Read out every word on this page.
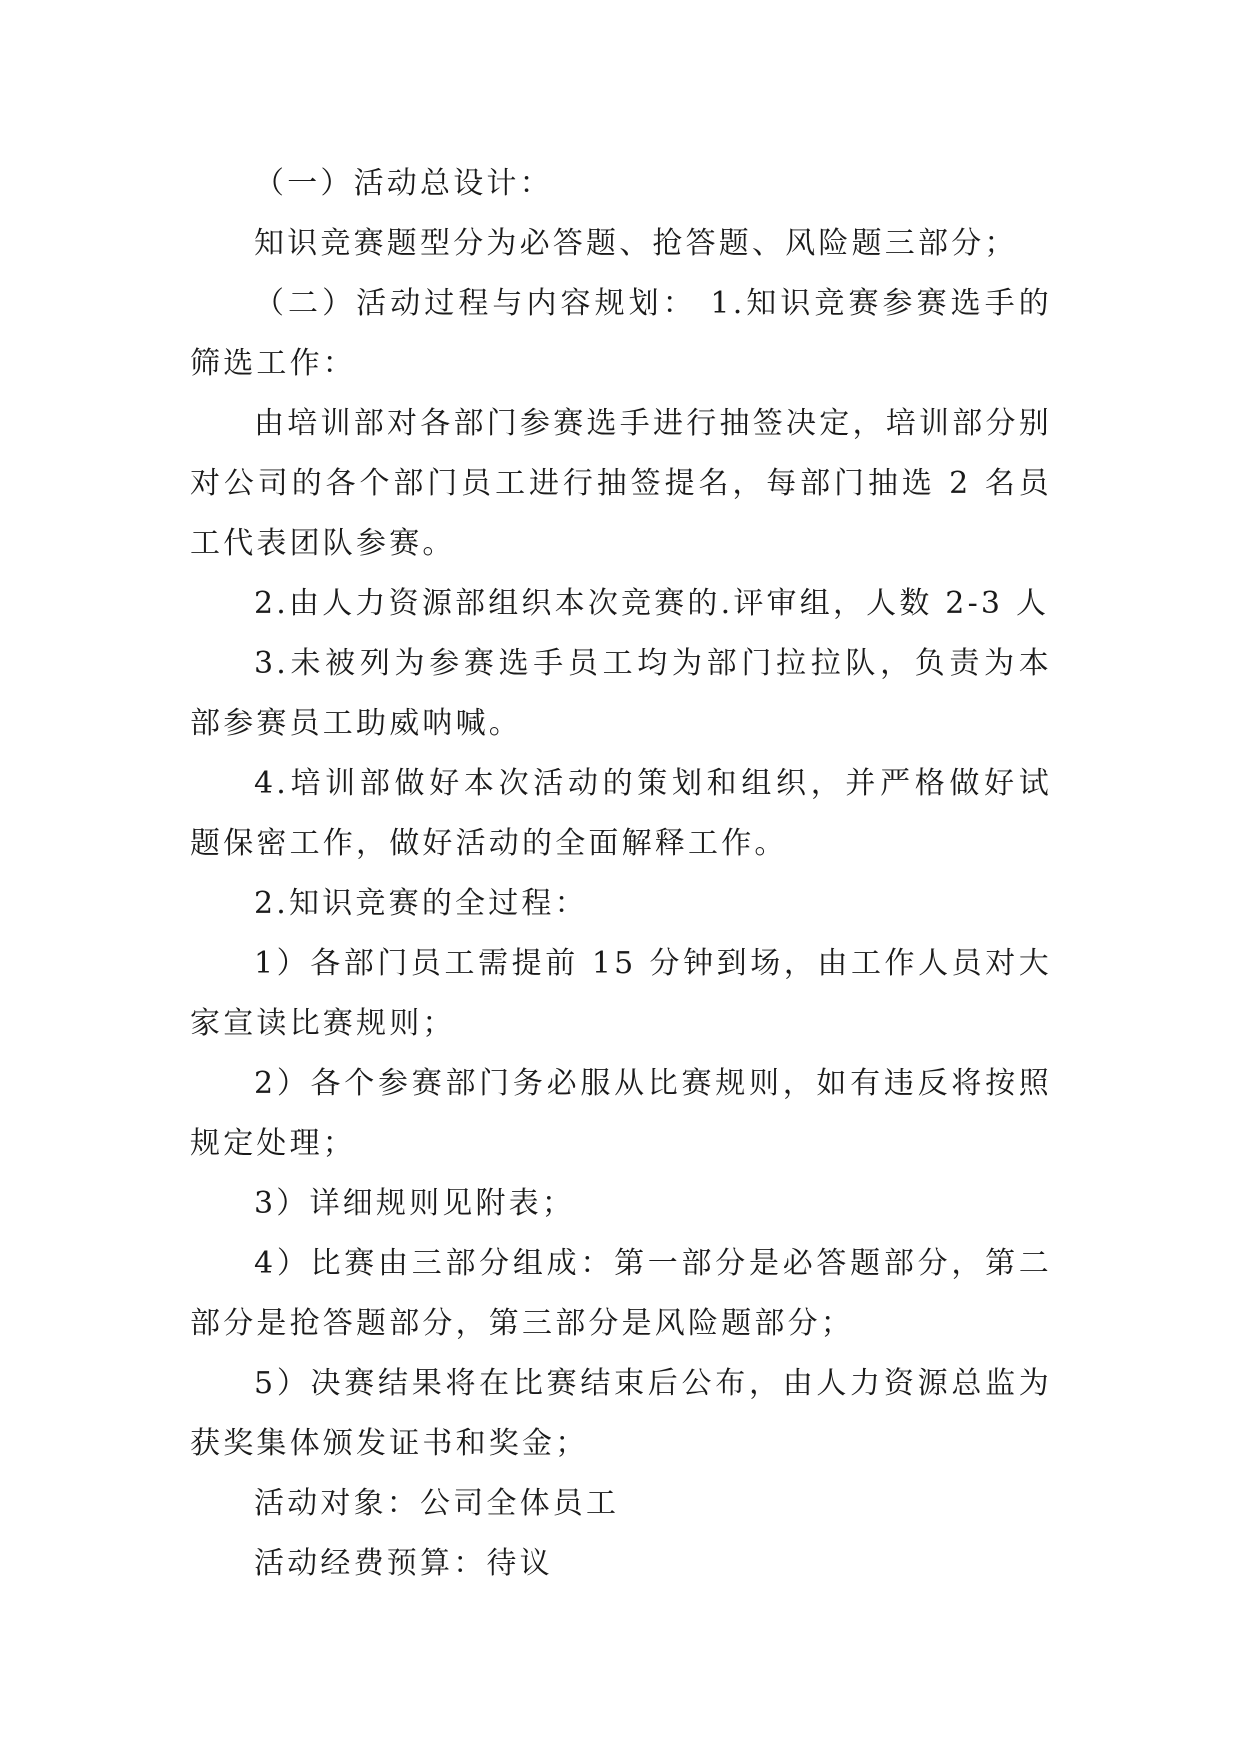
（一）活动总设计：

知识竞赛题型分为必答题、抢答题、风险题三部分；

（二）活动过程与内容规划： 1.知识竞赛参赛选手的筛选工作：

由培训部对各部门参赛选手进行抽签决定，培训部分别对公司的各个部门员工进行抽签提名，每部门抽选 2 名员工代表团队参赛。

2.由人力资源部组织本次竞赛的.评审组，人数 2-3 人

3.未被列为参赛选手员工均为部门拉拉队，负责为本部参赛员工助威呐喊。

4.培训部做好本次活动的策划和组织，并严格做好试题保密工作，做好活动的全面解释工作。

2.知识竞赛的全过程：

1）各部门员工需提前 15 分钟到场，由工作人员对大家宣读比赛规则；

2）各个参赛部门务必服从比赛规则，如有违反将按照规定处理；

3）详细规则见附表；

4）比赛由三部分组成：第一部分是必答题部分，第二部分是抢答题部分，第三部分是风险题部分；

5）决赛结果将在比赛结束后公布，由人力资源总监为获奖集体颁发证书和奖金；

活动对象：公司全体员工

活动经费预算：待议
